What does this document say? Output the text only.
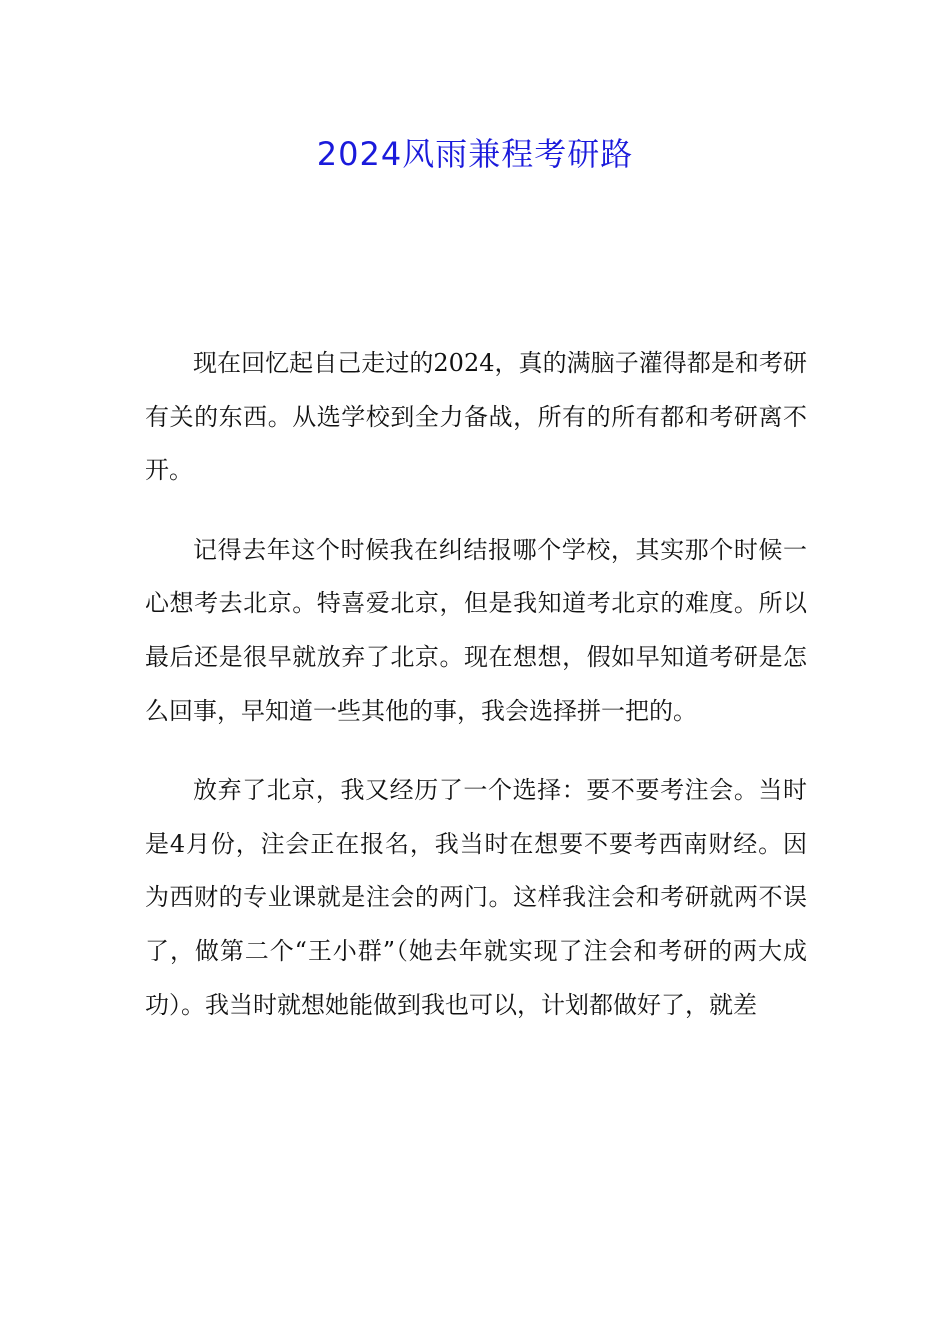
2024风雨兼程考研路

现在回忆起自己走过的2024，真的满脑子灌得都是和考研有关的东西。从选学校到全力备战，所有的所有都和考研离不开。

记得去年这个时候我在纠结报哪个学校，其实那个时候一心想考去北京。特喜爱北京，但是我知道考北京的难度。所以最后还是很早就放弃了北京。现在想想，假如早知道考研是怎么回事，早知道一些其他的事，我会选择拼一把的。

放弃了北京，我又经历了一个选择：要不要考注会。当时是4月份，注会正在报名，我当时在想要不要考西南财经。因为西财的专业课就是注会的两门。这样我注会和考研就两不误了，做第二个“王小群”（她去年就实现了注会和考研的两大成功）。我当时就想她能做到我也可以，计划都做好了，就差
